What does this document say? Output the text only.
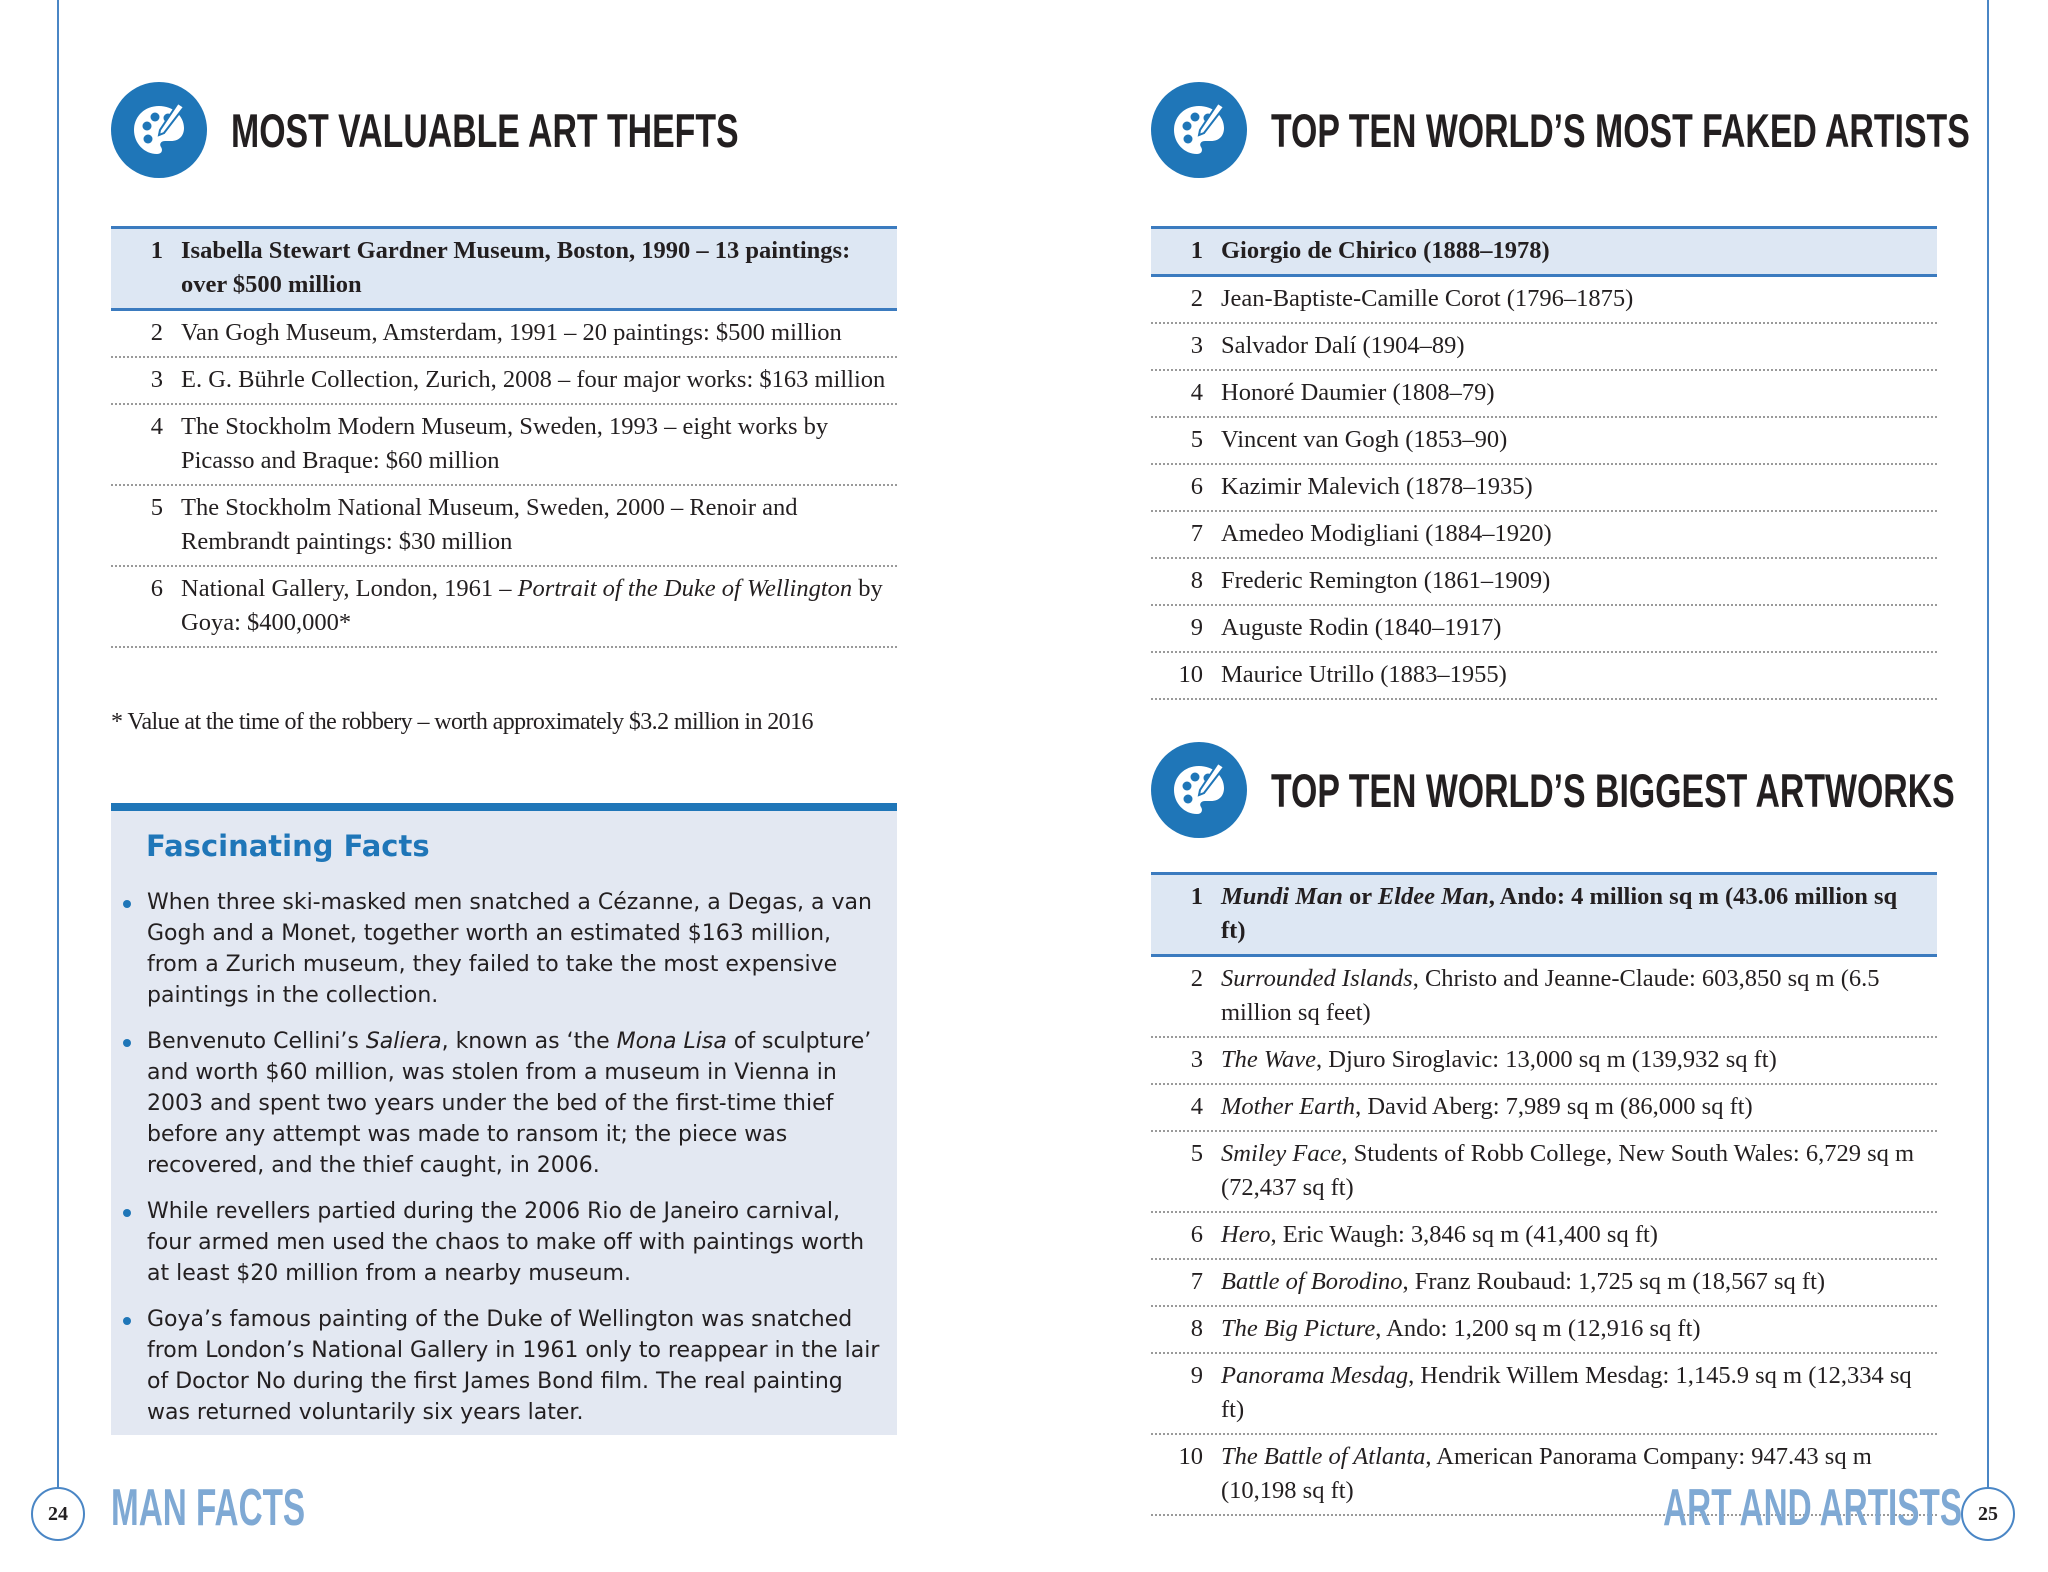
MOST VALUABLE ART THEFTS
1 Isabella Stewart Gardner Museum, Boston, 1990 – 13 paintings: over $500 million
2 Van Gogh Museum, Amsterdam, 1991 – 20 paintings: $500 million
3 E. G. Bührle Collection, Zurich, 2008 – four major works: $163 million
4 The Stockholm Modern Museum, Sweden, 1993 – eight works by Picasso and Braque: $60 million
5 The Stockholm National Museum, Sweden, 2000 – Renoir and Rembrandt paintings: $30 million
6 National Gallery, London, 1961 – Portrait of the Duke of Wellington by Goya: $400,000*
* Value at the time of the robbery – worth approximately $3.2 million in 2016
Fascinating Facts
When three ski-masked men snatched a Cézanne, a Degas, a van Gogh and a Monet, together worth an estimated $163 million, from a Zurich museum, they failed to take the most expensive paintings in the collection.
Benvenuto Cellini’s Saliera, known as ‘the Mona Lisa of sculpture’ and worth $60 million, was stolen from a museum in Vienna in 2003 and spent two years under the bed of the first-time thief before any attempt was made to ransom it; the piece was recovered, and the thief caught, in 2006.
While revellers partied during the 2006 Rio de Janeiro carnival, four armed men used the chaos to make off with paintings worth at least $20 million from a nearby museum.
Goya’s famous painting of the Duke of Wellington was snatched from London’s National Gallery in 1961 only to reappear in the lair of Doctor No during the first James Bond film. The real painting was returned voluntarily six years later.
24 MAN FACTS
TOP TEN WORLD’S MOST FAKED ARTISTS
1 Giorgio de Chirico (1888–1978)
2 Jean-Baptiste-Camille Corot (1796–1875)
3 Salvador Dalí (1904–89)
4 Honoré Daumier (1808–79)
5 Vincent van Gogh (1853–90)
6 Kazimir Malevich (1878–1935)
7 Amedeo Modigliani (1884–1920)
8 Frederic Remington (1861–1909)
9 Auguste Rodin (1840–1917)
10 Maurice Utrillo (1883–1955)
TOP TEN WORLD’S BIGGEST ARTWORKS
1 Mundi Man or Eldee Man, Ando: 4 million sq m (43.06 million sq ft)
2 Surrounded Islands, Christo and Jeanne-Claude: 603,850 sq m (6.5 million sq feet)
3 The Wave, Djuro Siroglavic: 13,000 sq m (139,932 sq ft)
4 Mother Earth, David Aberg: 7,989 sq m (86,000 sq ft)
5 Smiley Face, Students of Robb College, New South Wales: 6,729 sq m (72,437 sq ft)
6 Hero, Eric Waugh: 3,846 sq m (41,400 sq ft)
7 Battle of Borodino, Franz Roubaud: 1,725 sq m (18,567 sq ft)
8 The Big Picture, Ando: 1,200 sq m (12,916 sq ft)
9 Panorama Mesdag, Hendrik Willem Mesdag: 1,145.9 sq m (12,334 sq ft)
10 The Battle of Atlanta, American Panorama Company: 947.43 sq m (10,198 sq ft)
25
ART AND ARTISTS
